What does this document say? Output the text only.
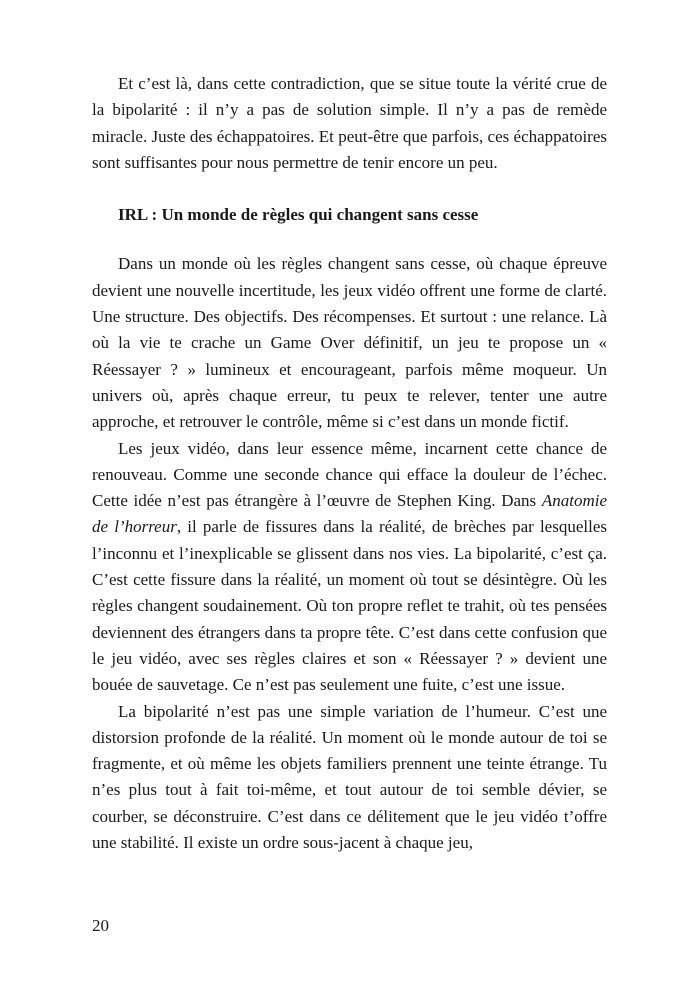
Et c’est là, dans cette contradiction, que se situe toute la vérité crue de la bipolarité : il n’y a pas de solution simple. Il n’y a pas de remède miracle. Juste des échappatoires. Et peut-être que parfois, ces échappatoires sont suffisantes pour nous permettre de tenir encore un peu.

IRL : Un monde de règles qui changent sans cesse

Dans un monde où les règles changent sans cesse, où chaque épreuve devient une nouvelle incertitude, les jeux vidéo offrent une forme de clarté. Une structure. Des objectifs. Des récompenses. Et surtout : une relance. Là où la vie te crache un Game Over définitif, un jeu te propose un « Réessayer ? » lumineux et encourageant, parfois même moqueur. Un univers où, après chaque erreur, tu peux te relever, tenter une autre approche, et retrouver le contrôle, même si c’est dans un monde fictif.

Les jeux vidéo, dans leur essence même, incarnent cette chance de renouveau. Comme une seconde chance qui efface la douleur de l’échec. Cette idée n’est pas étrangère à l’œuvre de Stephen King. Dans Anatomie de l’horreur, il parle de fissures dans la réalité, de brèches par lesquelles l’inconnu et l’inexplicable se glissent dans nos vies. La bipolarité, c’est ça. C’est cette fissure dans la réalité, un moment où tout se désintègre. Où les règles changent soudainement. Où ton propre reflet te trahit, où tes pensées deviennent des étrangers dans ta propre tête. C’est dans cette confusion que le jeu vidéo, avec ses règles claires et son « Réessayer ? » devient une bouée de sauvetage. Ce n’est pas seulement une fuite, c’est une issue.

La bipolarité n’est pas une simple variation de l’humeur. C’est une distorsion profonde de la réalité. Un moment où le monde autour de toi se fragmente, et où même les objets familiers prennent une teinte étrange. Tu n’es plus tout à fait toi-même, et tout autour de toi semble dévier, se courber, se déconstruire. C’est dans ce délitement que le jeu vidéo t’offre une stabilité. Il existe un ordre sous-jacent à chaque jeu,

20
